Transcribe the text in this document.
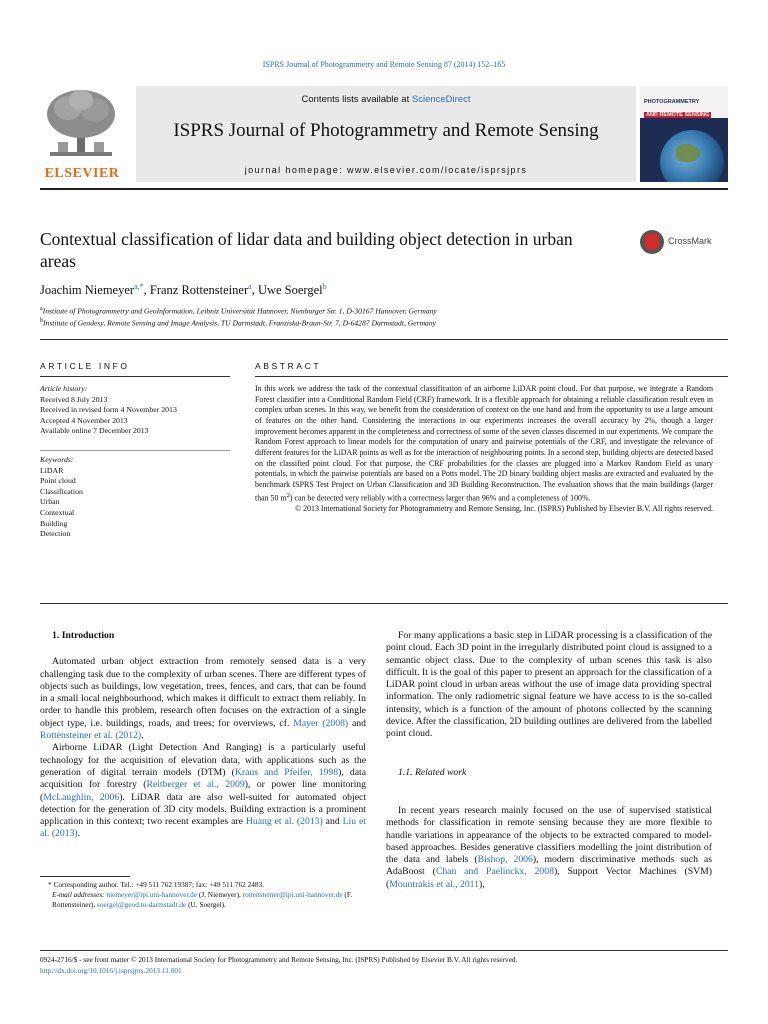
ISPRS Journal of Photogrammetry and Remote Sensing 87 (2014) 152–165
ELSEVIER
Contents lists available at ScienceDirect
ISPRS Journal of Photogrammetry and Remote Sensing
journal homepage: www.elsevier.com/locate/isprsjprs
PHOTOGRAMMETRY
AND REMOTE SENSING
Contextual classification of lidar data and building object detection in urban areas
CrossMark
Joachim Niemeyer$^{a,*}$, Franz Rottensteiner$^a$, Uwe Soergel$^b$
$^a$Institute of Photogrammetry and GeoInformation, Leibniz Universität Hannover, Nienburger Str. 1, D-30167 Hannover, Germany
$^b$Institute of Geodesy, Remote Sensing and Image Analysis, TU Darmstadt, Franziska-Braun-Str. 7, D-64287 Darmstadt, Germany
ARTICLE INFO	ABSTRACT
Article history:
Received 8 July 2013
Received in revised form 4 November 2013
Accepted 4 November 2013
Available online 7 December 2013
Keywords:
LiDAR
Point cloud
Classification
Urban
Contextual
Building
Detection

In this work we address the task of the contextual classification of an airborne LiDAR point cloud. For that purpose, we integrate a Random Forest classifier into a Conditional Random Field (CRF) framework. It is a flexible approach for obtaining a reliable classification result even in complex urban scenes. In this way, we benefit from the consideration of context on the one hand and from the opportunity to use a large amount of features on the other hand. Considering the interactions in our experiments increases the overall accuracy by 2%, though a larger improvement becomes apparent in the completeness and correctness of some of the seven classes discerned in our experiments. We compare the Random Forest approach to linear models for the computation of unary and pairwise potentials of the CRF, and investigate the relevance of different features for the LiDAR points as well as for the interaction of neighbouring points. In a second step, building objects are detected based on the classified point cloud. For that purpose, the CRF probabilities for the classes are plugged into a Markov Random Field as unary potentials, in which the pairwise potentials are based on a Potts model. The 2D binary building object masks are extracted and evaluated by the benchmark ISPRS Test Project on Urban Classification and 3D Building Reconstruction. The evaluation shows that the main buildings (larger than 50 $m^2$) can be detected very reliably with a correctness larger than 96% and a completeness of 100%.

© 2013 International Society for Photogrammetry and Remote Sensing, Inc. (ISPRS) Published by Elsevier B.V. All rights reserved.

1. Introduction

Automated urban object extraction from remotely sensed data is a very challenging task due to the complexity of urban scenes. There are different types of objects such as buildings, low vegetation, trees, fences, and cars, that can be found in a small local neighbourhood, which makes it difficult to extract them reliably. In order to handle this problem, research often focuses on the extraction of a single object type, i.e. buildings, roads, and trees; for overviews, cf. Mayer (2008) and Rottensteiner et al. (2012).

Airborne LiDAR (Light Detection And Ranging) is a particularly useful technology for the acquisition of elevation data, with applications such as the generation of digital terrain models (DTM) (Kraus and Pfeifer, 1998), data acquisition for forestry (Reitberger et al., 2009), or power line monitoring (McLaughlin, 2006). LiDAR data are also well-suited for automated object detection for the generation of 3D city models. Building extraction is a prominent application in this context; two recent examples are Huang et al. (2013) and Liu et al. (2013).

For many applications a basic step in LiDAR processing is a classification of the point cloud. Each 3D point in the irregularly distributed point cloud is assigned to a semantic object class. Due to the complexity of urban scenes this task is also difficult. It is the goal of this paper to present an approach for the classification of a LiDAR point cloud in urban areas without the use of image data providing spectral information. The only radiometric signal feature we have access to is the so-called intensity, which is a function of the amount of photons collected by the scanning device. After the classification, 2D building outlines are delivered from the labelled point cloud.

1.1. Related work

In recent years research mainly focused on the use of supervised statistical methods for classification in remote sensing because they are more flexible to handle variations in appearance of the objects to be extracted compared to model-based approaches. Besides generative classifiers modelling the joint distribution of the data and labels (Bishop, 2006), modern discriminative methods such as AdaBoost (Chan and Paelinckx, 2008), Support Vector Machines (SVM) (Mountrakis et al., 2011),

* Corresponding author. Tel.: +49 511 762 19387; fax: +49 511 762 2483.
E-mail addresses: niemeyer@ipi.uni-hannover.de (J. Niemeyer), rottensteiner@ipi.uni-hannover.de (F. Rottensteiner), soergel@geod.tu-darmstadt.de (U. Soergel).
0924-2716/$ - see front matter © 2013 International Society for Photogrammetry and Remote Sensing, Inc. (ISPRS) Published by Elsevier B.V. All rights reserved.
http://dx.doi.org/10.1016/j.isprsjprs.2013.11.001
